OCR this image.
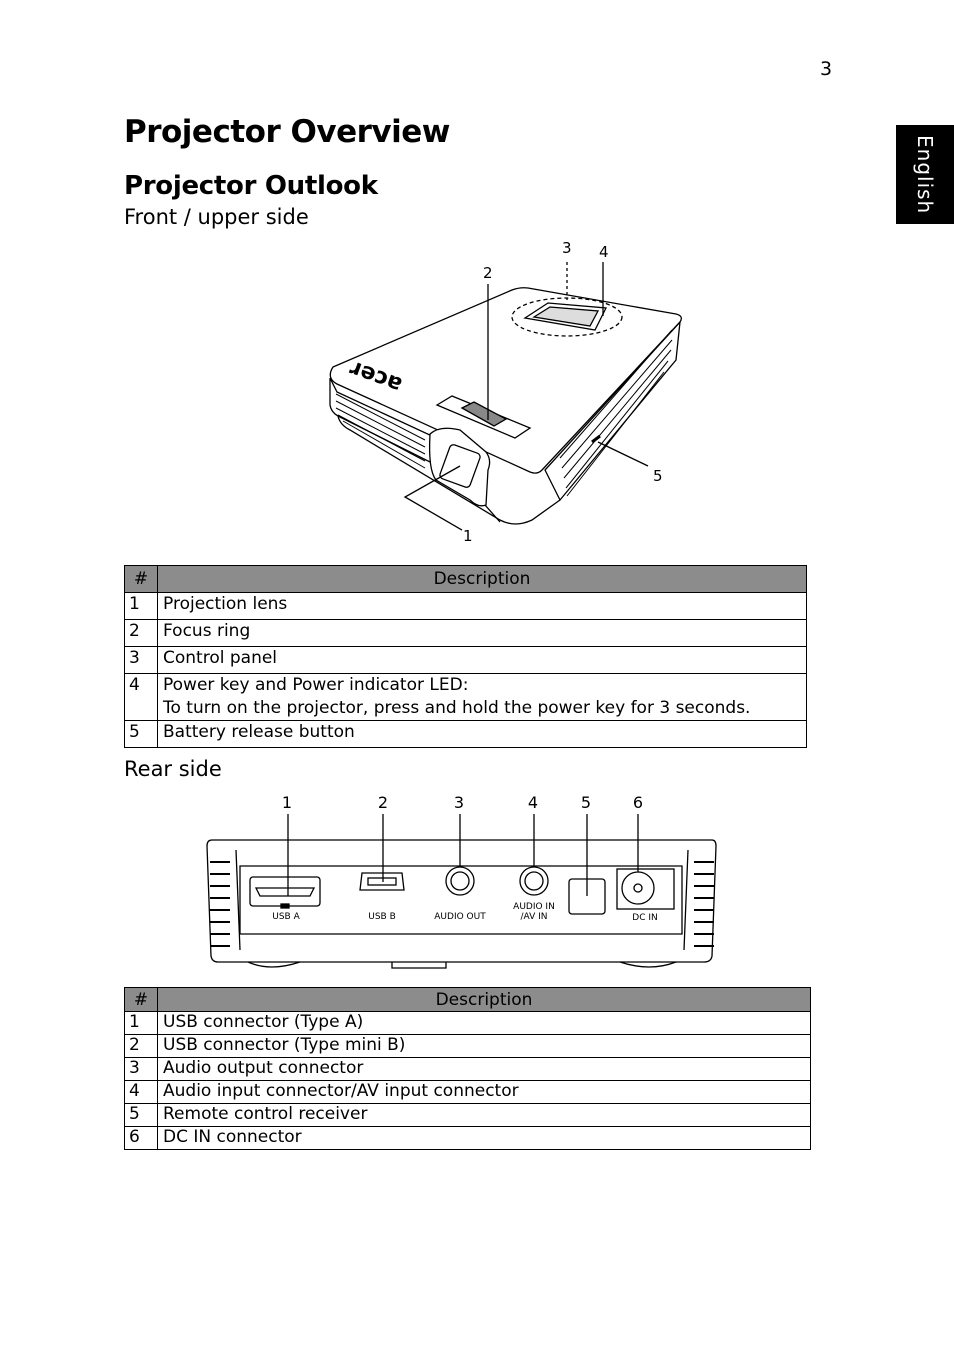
3
English
Projector Overview
Projector Outlook
Front / upper side
acer
1
2
3 4
5
#	Description
1	Projection lens
2	Focus ring
3	Control panel
4	Power key and Power indicator LED:
To turn on the projector, press and hold the power key for 3 seconds.

5	Battery release button
Rear side
USB A	USB B	AUDIO OUT
AUDIO IN
/AV IN	DC IN
1	2	3	4	5	6
#	Description
1	USB connector (Type A)
2	USB connector (Type mini B)
3	Audio output connector
4	Audio input connector/AV input connector
5	Remote control receiver
6	DC IN connector
